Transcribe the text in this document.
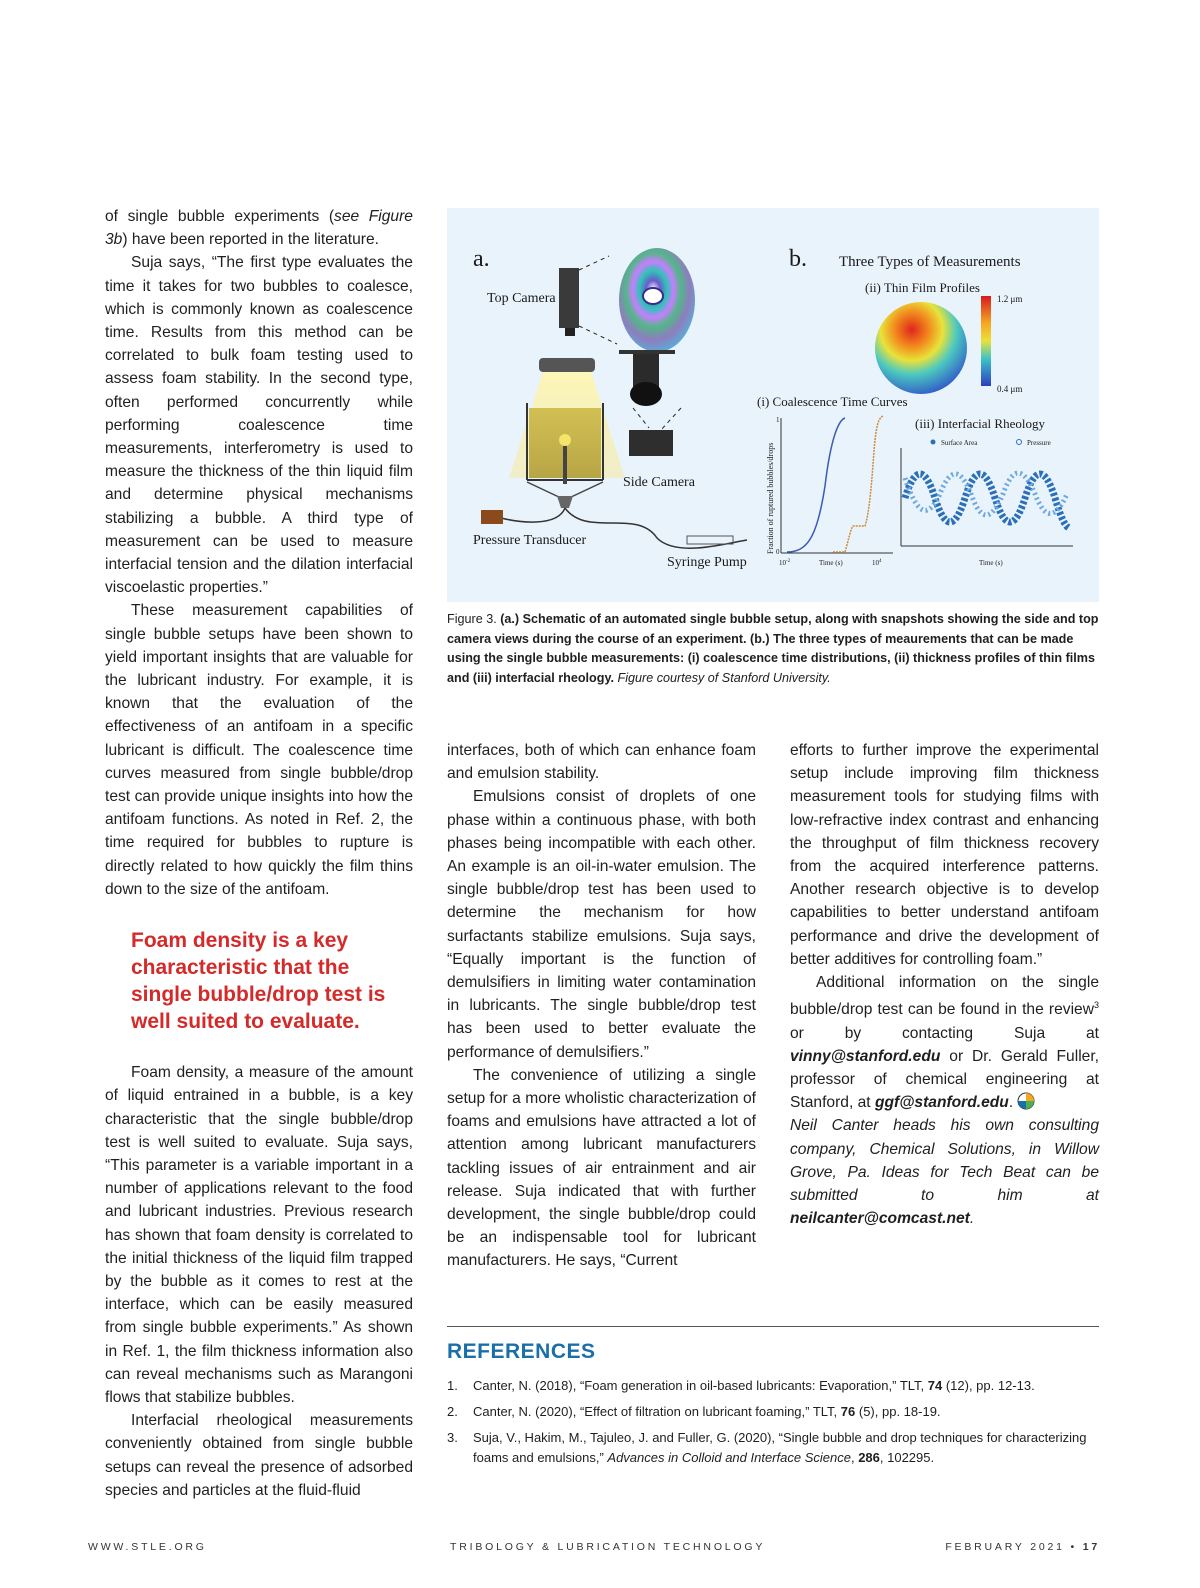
of single bubble experiments (see Figure 3b) have been reported in the literature.

Suja says, “The first type evaluates the time it takes for two bubbles to coalesce, which is commonly known as coalescence time. Results from this method can be correlated to bulk foam testing used to assess foam stability. In the second type, often performed concurrently while performing coalescence time measurements, interferometry is used to measure the thickness of the thin liquid film and determine physical mechanisms stabilizing a bubble. A third type of measurement can be used to measure interfacial tension and the dilation interfacial viscoelastic properties.”

These measurement capabilities of single bubble setups have been shown to yield important insights that are valuable for the lubricant industry. For example, it is known that the evaluation of the effectiveness of an antifoam in a specific lubricant is difficult. The coalescence time curves measured from single bubble/drop test can provide unique insights into how the antifoam functions. As noted in Ref. 2, the time required for bubbles to rupture is directly related to how quickly the film thins down to the size of the antifoam.

Foam density is a key characteristic that the single bubble/drop test is well suited to evaluate.

Foam density, a measure of the amount of liquid entrained in a bubble, is a key characteristic that the single bubble/drop test is well suited to evaluate. Suja says, “This parameter is a variable important in a number of applications relevant to the food and lubricant industries. Previous research has shown that foam density is correlated to the initial thickness of the liquid film trapped by the bubble as it comes to rest at the interface, which can be easily measured from single bubble experiments.” As shown in Ref. 1, the film thickness information also can reveal mechanisms such as Marangoni flows that stabilize bubbles.

Interfacial rheological measurements conveniently obtained from single bubble setups can reveal the presence of adsorbed species and particles at the fluid-fluid

a.
Top Camera
Side Camera
Pressure Transducer
Syringe Pump
b. Three Types of Measurements
(ii) Thin Film Profiles
1.2 μm
0.4 μm
(i) Coalescence Time Curves
Fraction of ruptured bubbles/drops
1
0
$10^{-2}$	$10^4$
Time (s)
(iii) Interfacial Rheology
Surface Area	Pressure
Time (s)
Figure 3. (a.) Schematic of an automated single bubble setup, along with snapshots showing the side and top camera views during the course of an experiment. (b.) The three types of meaurements that can be made using the single bubble measurements: (i) coalescence time distributions, (ii) thickness profiles of thin films and (iii) interfacial rheology. Figure courtesy of Stanford University.

interfaces, both of which can enhance foam and emulsion stability.

Emulsions consist of droplets of one phase within a continuous phase, with both phases being incompatible with each other. An example is an oil-in-water emulsion. The single bubble/drop test has been used to determine the mechanism for how surfactants stabilize emulsions. Suja says, “Equally important is the function of demulsifiers in limiting water contamination in lubricants. The single bubble/drop test has been used to better evaluate the performance of demulsifiers.”

The convenience of utilizing a single setup for a more wholistic characterization of foams and emulsions have attracted a lot of attention among lubricant manufacturers tackling issues of air entrainment and air release. Suja indicated that with further development, the single bubble/drop could be an indispensable tool for lubricant manufacturers. He says, “Current

efforts to further improve the experimental setup include improving film thickness measurement tools for studying films with low-refractive index contrast and enhancing the throughput of film thickness recovery from the acquired interference patterns. Another research objective is to develop capabilities to better understand antifoam performance and drive the development of better additives for controlling foam.”

Additional information on the single bubble/drop test can be found in the review$^3$ or by contacting Suja at vinny@stanford.edu or Dr. Gerald Fuller, professor of chemical engineering at Stanford, at ggf@stanford.edu.

Neil Canter heads his own consulting company, Chemical Solutions, in Willow Grove, Pa. Ideas for Tech Beat can be submitted to him at neilcanter@comcast.net.

REFERENCES
1. Canter, N. (2018), “Foam generation in oil-based lubricants: Evaporation,” TLT, 74 (12), pp. 12-13.
2. Canter, N. (2020), “Effect of filtration on lubricant foaming,” TLT, 76 (5), pp. 18-19.
3. Suja, V., Hakim, M., Tajuleo, J. and Fuller, G. (2020), “Single bubble and drop techniques for characterizing foams and emulsions,” Advances in Colloid and Interface Science, 286, 102295.
WWW.STLE.ORG	TRIBOLOGY & LUBRICATION TECHNOLOGY	FEBRUARY 2021 • 17
